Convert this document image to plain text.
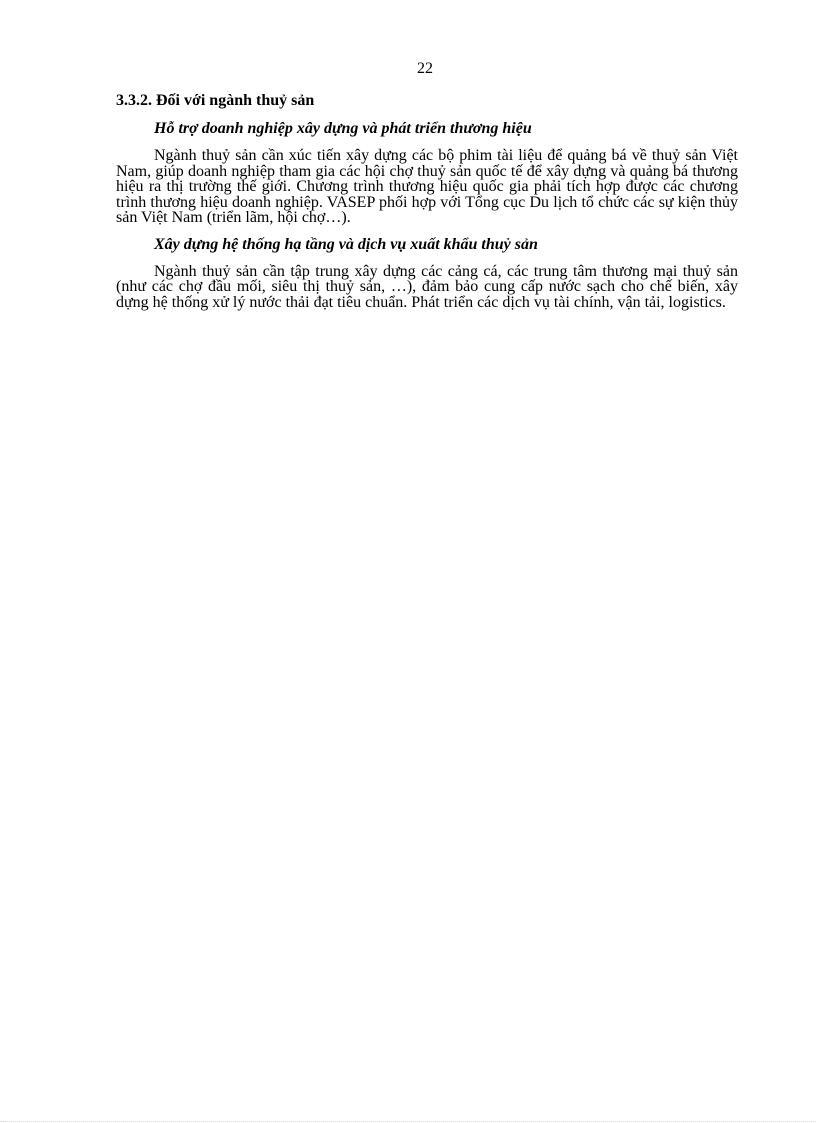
22
3.3.2. Đối với ngành thuỷ sản
Hỗ trợ doanh nghiệp xây dựng và phát triển thương hiệu

Ngành thuỷ sản cần xúc tiến xây dựng các bộ phim tài liệu để quảng bá về thuỷ sản Việt Nam, giúp doanh nghiệp tham gia các hội chợ thuỷ sản quốc tế để xây dựng và quảng bá thương hiệu ra thị trường thế giới. Chương trình thương hiệu quốc gia phải tích hợp được các chương trình thương hiệu doanh nghiệp. VASEP phối hợp với Tổng cục Du lịch tổ chức các sự kiện thủy sản Việt Nam (triển lãm, hội chợ…).

Xây dựng hệ thống hạ tầng và dịch vụ xuất khẩu thuỷ sản

Ngành thuỷ sản cần tập trung xây dựng các cảng cá, các trung tâm thương mại thuỷ sản (như các chợ đầu mối, siêu thị thuỷ sản, …), đảm bảo cung cấp nước sạch cho chế biến, xây dựng hệ thống xử lý nước thải đạt tiêu chuẩn. Phát triển các dịch vụ tài chính, vận tải, logistics.
